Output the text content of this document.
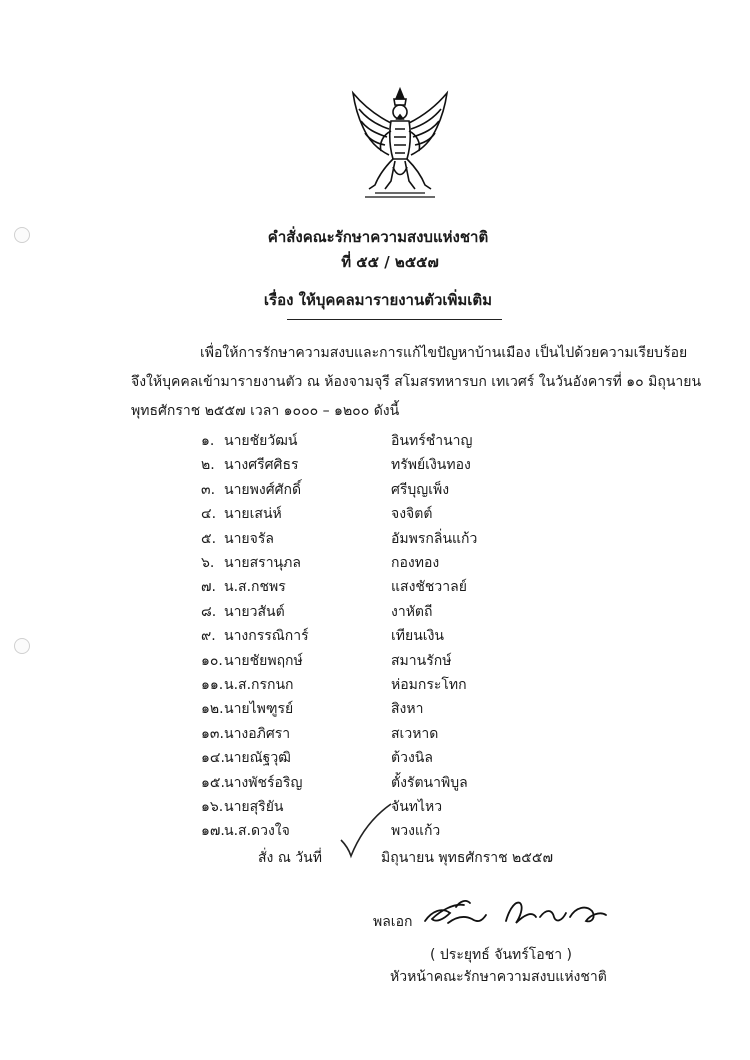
คำสั่งคณะรักษาความสงบแห่งชาติ
ที่ ๕๕ / ๒๕๕๗
เรื่อง ให้บุคคลมารายงานตัวเพิ่มเติม
เพื่อให้การรักษาความสงบและการแก้ไขปัญหาบ้านเมือง เป็นไปด้วยความเรียบร้อย
จึงให้บุคคลเข้ามารายงานตัว ณ ห้องจามจุรี สโมสรทหารบก เทเวศร์ ในวันอังคารที่ ๑๐ มิถุนายน
พุทธศักราช ๒๕๕๗ เวลา ๑๐๐๐ – ๑๒๐๐ ดังนี้
๑. นายชัยวัฒน์	อินทร์ชำนาญ
๒. นางศรีศศิธร	ทรัพย์เงินทอง
๓. นายพงศ์ศักดิ์	ศรีบุญเพ็ง
๔. นายเสน่ห์	จงจิตต์
๕. นายจรัล	อัมพรกลิ่นแก้ว
๖. นายสรานุภล	กองทอง
๗. น.ส.กชพร	แสงชัชวาลย์
๘. นายวสันต์	งาหัตถี
๙. นางกรรณิการ์	เทียนเงิน
๑๐. นายชัยพฤกษ์	สมานรักษ์
๑๑. น.ส.กรกนก	ห่อมกระโทก
๑๒. นายไพฑูรย์	สิงหา
๑๓. นางอภิศรา	สเวหาด
๑๔. นายณัฐวุฒิ	ต้วงนิล
๑๕. นางพัชร์อริญ	ตั้งรัตนาพิบูล
๑๖. นายสุริยัน	จันทไหว
๑๗. น.ส.ดวงใจ	พวงแก้ว
สั่ง ณ วันที่	มิถุนายน พุทธศักราช ๒๕๕๗
พลเอก
( ประยุทธ์ จันทร์โอชา )
หัวหน้าคณะรักษาความสงบแห่งชาติ
